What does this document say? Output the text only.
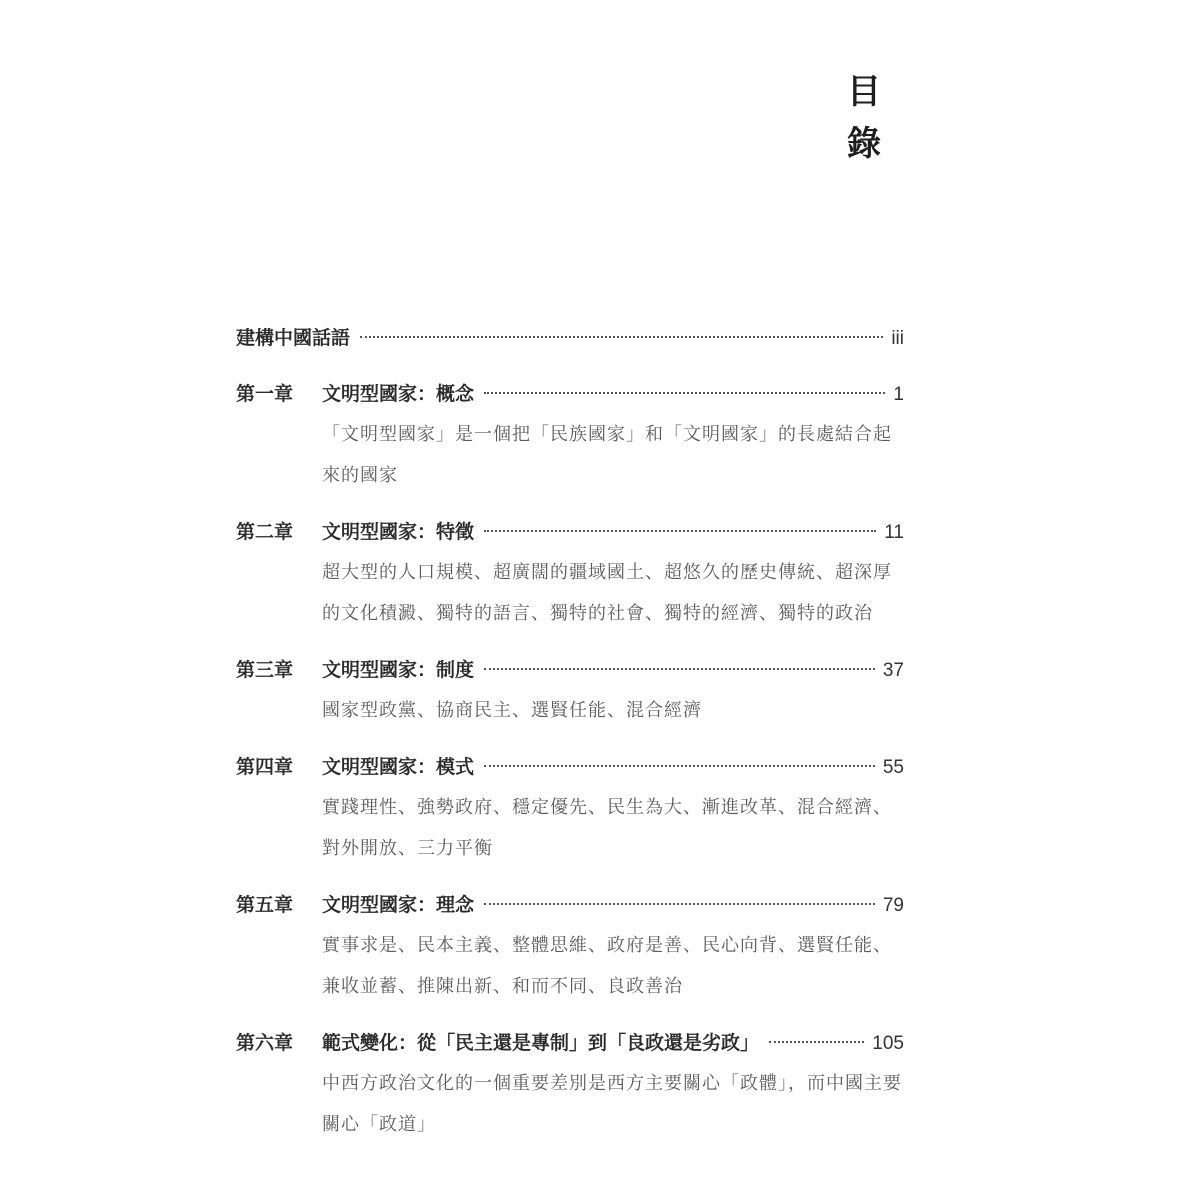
目 錄
建構中國話語	iii
第一章	文明型國家：概念	1
「文明型國家」是一個把「民族國家」和「文明國家」的長處結合起來的國家
第二章	文明型國家：特徵	11
超大型的人口規模、超廣闊的疆域國土、超悠久的歷史傳統、超深厚的文化積澱、獨特的語言、獨特的社會、獨特的經濟、獨特的政治
第三章	文明型國家：制度	37
國家型政黨、協商民主、選賢任能、混合經濟
第四章	文明型國家：模式	55
實踐理性、強勢政府、穩定優先、民生為大、漸進改革、混合經濟、對外開放、三力平衡
第五章	文明型國家：理念	79
實事求是、民本主義、整體思維、政府是善、民心向背、選賢任能、兼收並蓄、推陳出新、和而不同、良政善治
第六章	範式變化：從「民主還是專制」到「良政還是劣政」	105
中西方政治文化的一個重要差別是西方主要關心「政體」，而中國主要關心「政道」
